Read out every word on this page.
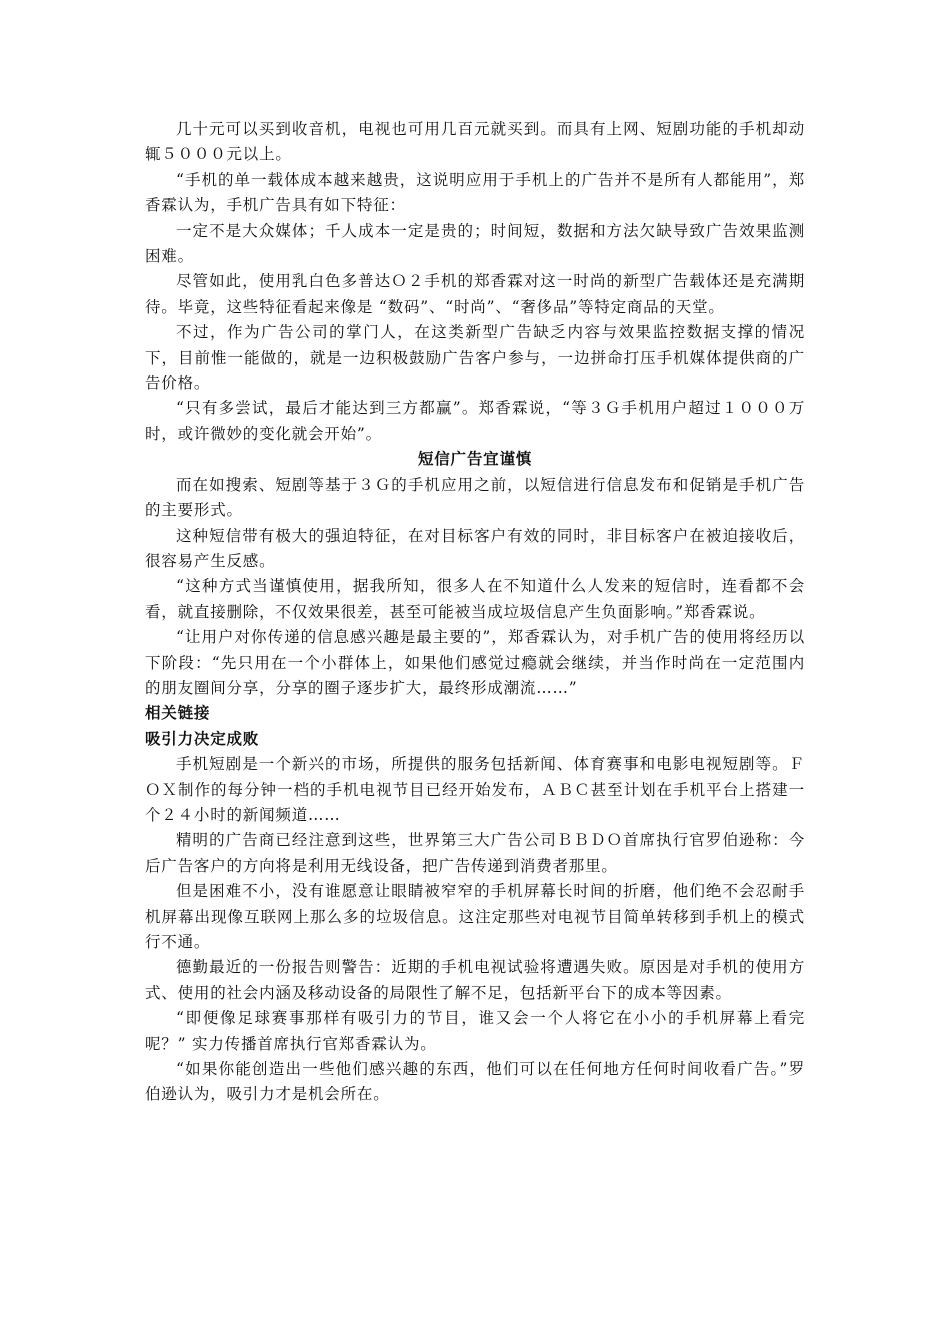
几十元可以买到收音机，电视也可用几百元就买到。而具有上网、短剧功能的手机却动辄５０００元以上。

“手机的单一载体成本越来越贵，这说明应用于手机上的广告并不是所有人都能用”，郑香霖认为，手机广告具有如下特征：

一定不是大众媒体；千人成本一定是贵的；时间短，数据和方法欠缺导致广告效果监测困难。

尽管如此，使用乳白色多普达Ｏ２手机的郑香霖对这一时尚的新型广告载体还是充满期待。毕竟，这些特征看起来像是 “数码”、“时尚”、“奢侈品”等特定商品的天堂。

不过，作为广告公司的掌门人，在这类新型广告缺乏内容与效果监控数据支撑的情况下，目前惟一能做的，就是一边积极鼓励广告客户参与，一边拼命打压手机媒体提供商的广告价格。

“只有多尝试，最后才能达到三方都赢”。郑香霖说，“等３Ｇ手机用户超过１０００万时，或许微妙的变化就会开始”。

短信广告宜谨慎

而在如搜索、短剧等基于３Ｇ的手机应用之前，以短信进行信息发布和促销是手机广告的主要形式。

这种短信带有极大的强迫特征，在对目标客户有效的同时，非目标客户在被迫接收后，很容易产生反感。

“这种方式当谨慎使用，据我所知，很多人在不知道什么人发来的短信时，连看都不会看，就直接删除，不仅效果很差，甚至可能被当成垃圾信息产生负面影响。”郑香霖说。

“让用户对你传递的信息感兴趣是最主要的”，郑香霖认为，对手机广告的使用将经历以下阶段：“先只用在一个小群体上，如果他们感觉过瘾就会继续，并当作时尚在一定范围内的朋友圈间分享，分享的圈子逐步扩大，最终形成潮流……”

相关链接

吸引力决定成败

手机短剧是一个新兴的市场，所提供的服务包括新闻、体育赛事和电影电视短剧等。ＦＯＸ制作的每分钟一档的手机电视节目已经开始发布，ＡＢＣ甚至计划在手机平台上搭建一个２４小时的新闻频道……

精明的广告商已经注意到这些，世界第三大广告公司ＢＢＤＯ首席执行官罗伯逊称：今后广告客户的方向将是利用无线设备，把广告传递到消费者那里。

但是困难不小，没有谁愿意让眼睛被窄窄的手机屏幕长时间的折磨，他们绝不会忍耐手机屏幕出现像互联网上那么多的垃圾信息。这注定那些对电视节目简单转移到手机上的模式行不通。

德勤最近的一份报告则警告：近期的手机电视试验将遭遇失败。原因是对手机的使用方式、使用的社会内涵及移动设备的局限性了解不足，包括新平台下的成本等因素。

“即便像足球赛事那样有吸引力的节目，谁又会一个人将它在小小的手机屏幕上看完呢？” 实力传播首席执行官郑香霖认为。

“如果你能创造出一些他们感兴趣的东西，他们可以在任何地方任何时间收看广告。”罗伯逊认为，吸引力才是机会所在。
